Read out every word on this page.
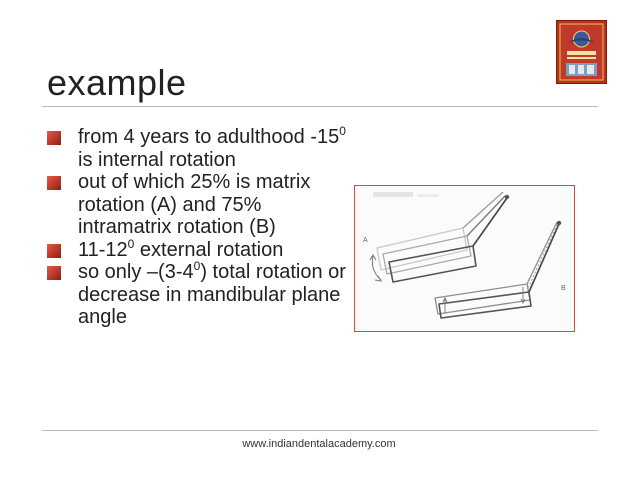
example
from 4 years to adulthood $-15^0$ is internal rotation
out of which 25% is matrix rotation (A) and 75% intramatrix rotation (B)
$11-12^0$ external rotation
so only $-(3-4^0)$ total rotation or decrease in mandibular plane angle
A
B
www.indiandentalacademy.com
